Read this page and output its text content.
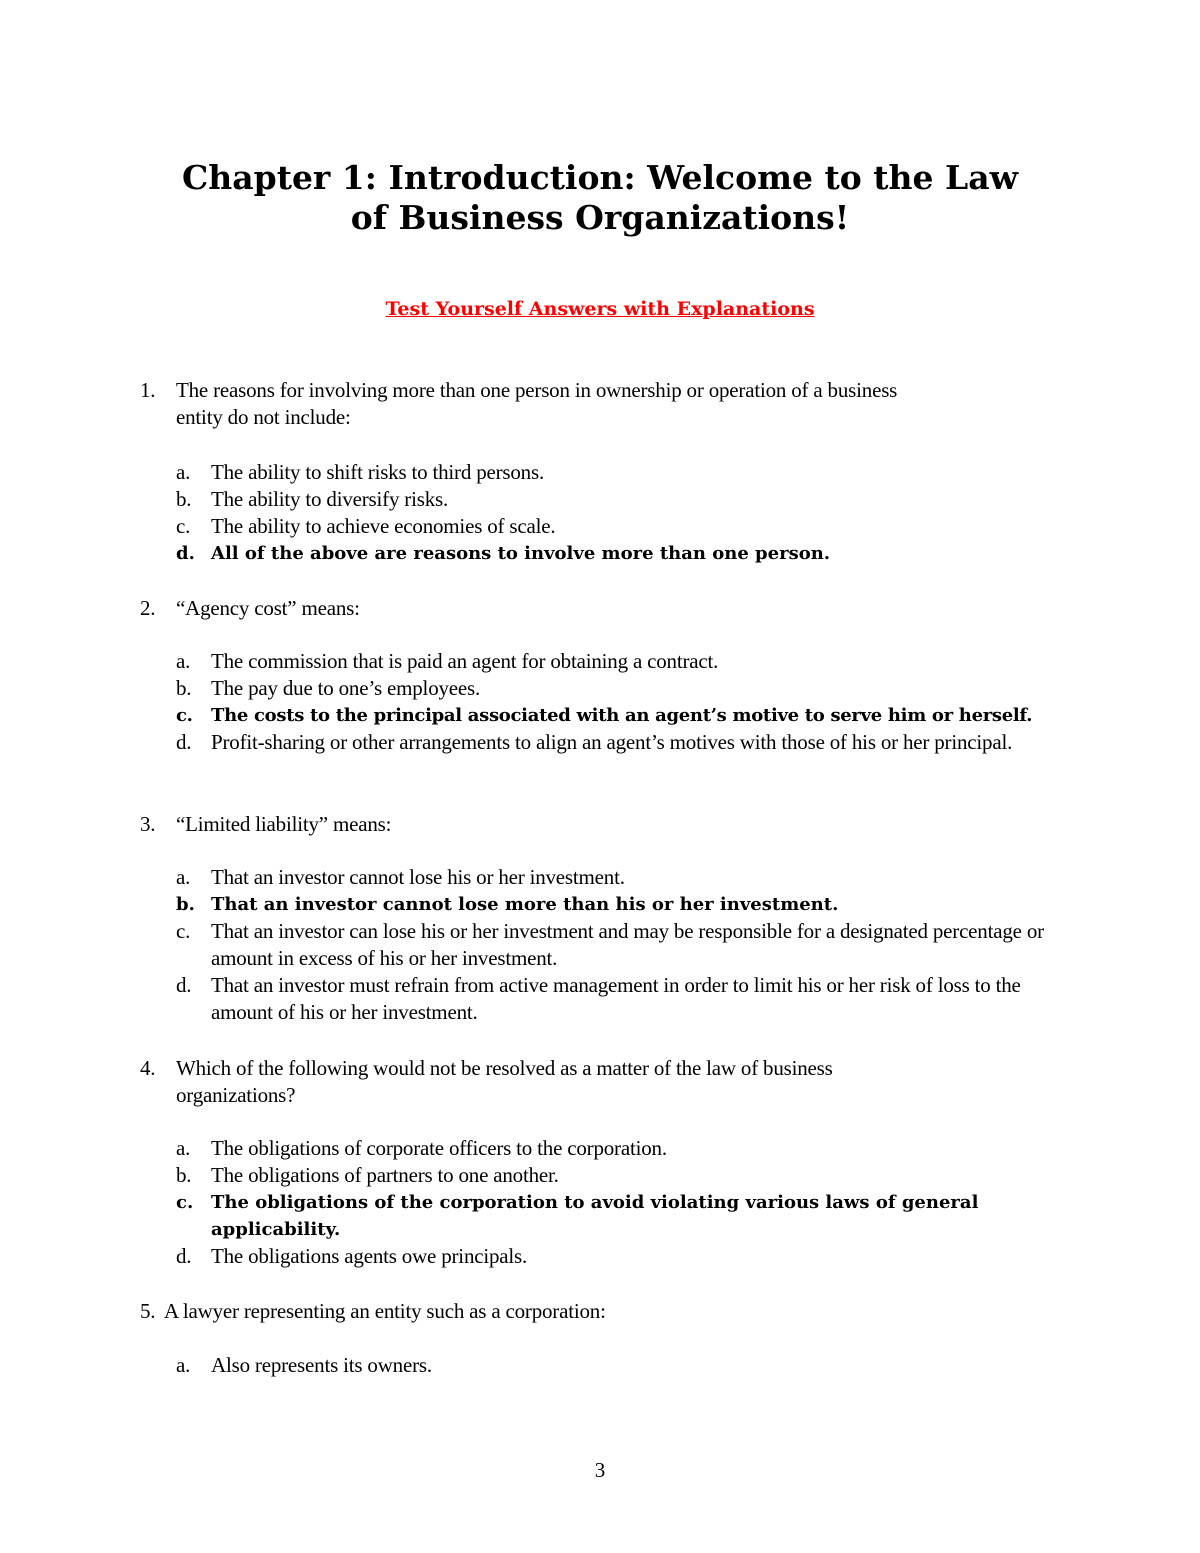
Chapter 1: Introduction: Welcome to the Law
of Business Organizations!

Test Yourself Answers with Explanations

1. The reasons for involving more than one person in ownership or operation of a business entity do not include:
a. The ability to shift risks to third persons.
b. The ability to diversify risks.
c. The ability to achieve economies of scale.
d. All of the above are reasons to involve more than one person.
2. “Agency cost” means:
a. The commission that is paid an agent for obtaining a contract.
b. The pay due to one’s employees.
c. The costs to the principal associated with an agent’s motive to serve him or herself.
d. Profit-sharing or other arrangements to align an agent’s motives with those of his or her principal.
3. “Limited liability” means:
a. That an investor cannot lose his or her investment.
b. That an investor cannot lose more than his or her investment.
c. That an investor can lose his or her investment and may be responsible for a designated percentage or amount in excess of his or her investment.
d. That an investor must refrain from active management in order to limit his or her risk of loss to the amount of his or her investment.
4. Which of the following would not be resolved as a matter of the law of business organizations?
a. The obligations of corporate officers to the corporation.
b. The obligations of partners to one another.
c. The obligations of the corporation to avoid violating various laws of general applicability.
d. The obligations agents owe principals.
5. A lawyer representing an entity such as a corporation:
a. Also represents its owners.
3
